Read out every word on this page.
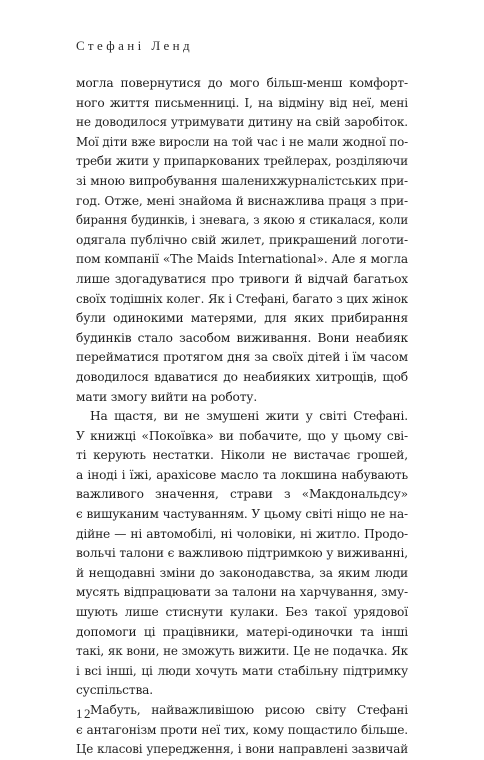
Стефані Ленд
могла повернутися до мого більш-менш комфорт-
ного життя письменниці. І, на відміну від неї, мені
не доводилося утримувати дитину на свій заробіток.
Мої діти вже виросли на той час і не мали жодної по-
треби жити у припаркованих трейлерах, розділяючи
зі мною випробування шаленихжурналістських при-
год. Отже, мені знайома й виснажлива праця з при-
бирання будинків, і зневага, з якою я стикалася, коли
одягала публічно свій жилет, прикрашений логоти-
пом компанії «The Maids International». Але я могла
лише здогадуватися про тривоги й відчай багатьох
своїх тодішніх колег. Як і Стефані, багато з цих жінок
були одинокими матерями, для яких прибирання
будинків стало засобом виживання. Вони неабияк
перейматися протягом дня за своїх дітей і їм часом
доводилося вдаватися до неабияких хитрощів, щоб
мати змогу вийти на роботу.
На щастя, ви не змушені жити у світі Стефані.
У книжці «Покоївка» ви побачите, що у цьому сві-
ті керують нестатки. Ніколи не вистачає грошей,
а іноді і їжі, арахісове масло та локшина набувають
важливого значення, страви з «Макдональдсу»
є вишуканим частуванням. У цьому світі ніщо не на-
дійне — ні автомобілі, ні чоловіки, ні житло. Продо-
вольчі талони є важливою підтримкою у виживанні,
й нещодавні зміни до законодавства, за яким люди
мусять відпрацювати за талони на харчування, зму-
шують лише стиснути кулаки. Без такої урядової
допомоги ці працівники, матері-одиночки та інші
такі, як вони, не зможуть вижити. Це не подачка. Як
і всі інші, ці люди хочуть мати стабільну підтримку
суспільства.
Мабуть, найважливішою рисою світу Стефані
є антагонізм проти неї тих, кому пощастило більше.
Це класові упередження, і вони направлені зазвичай
12
